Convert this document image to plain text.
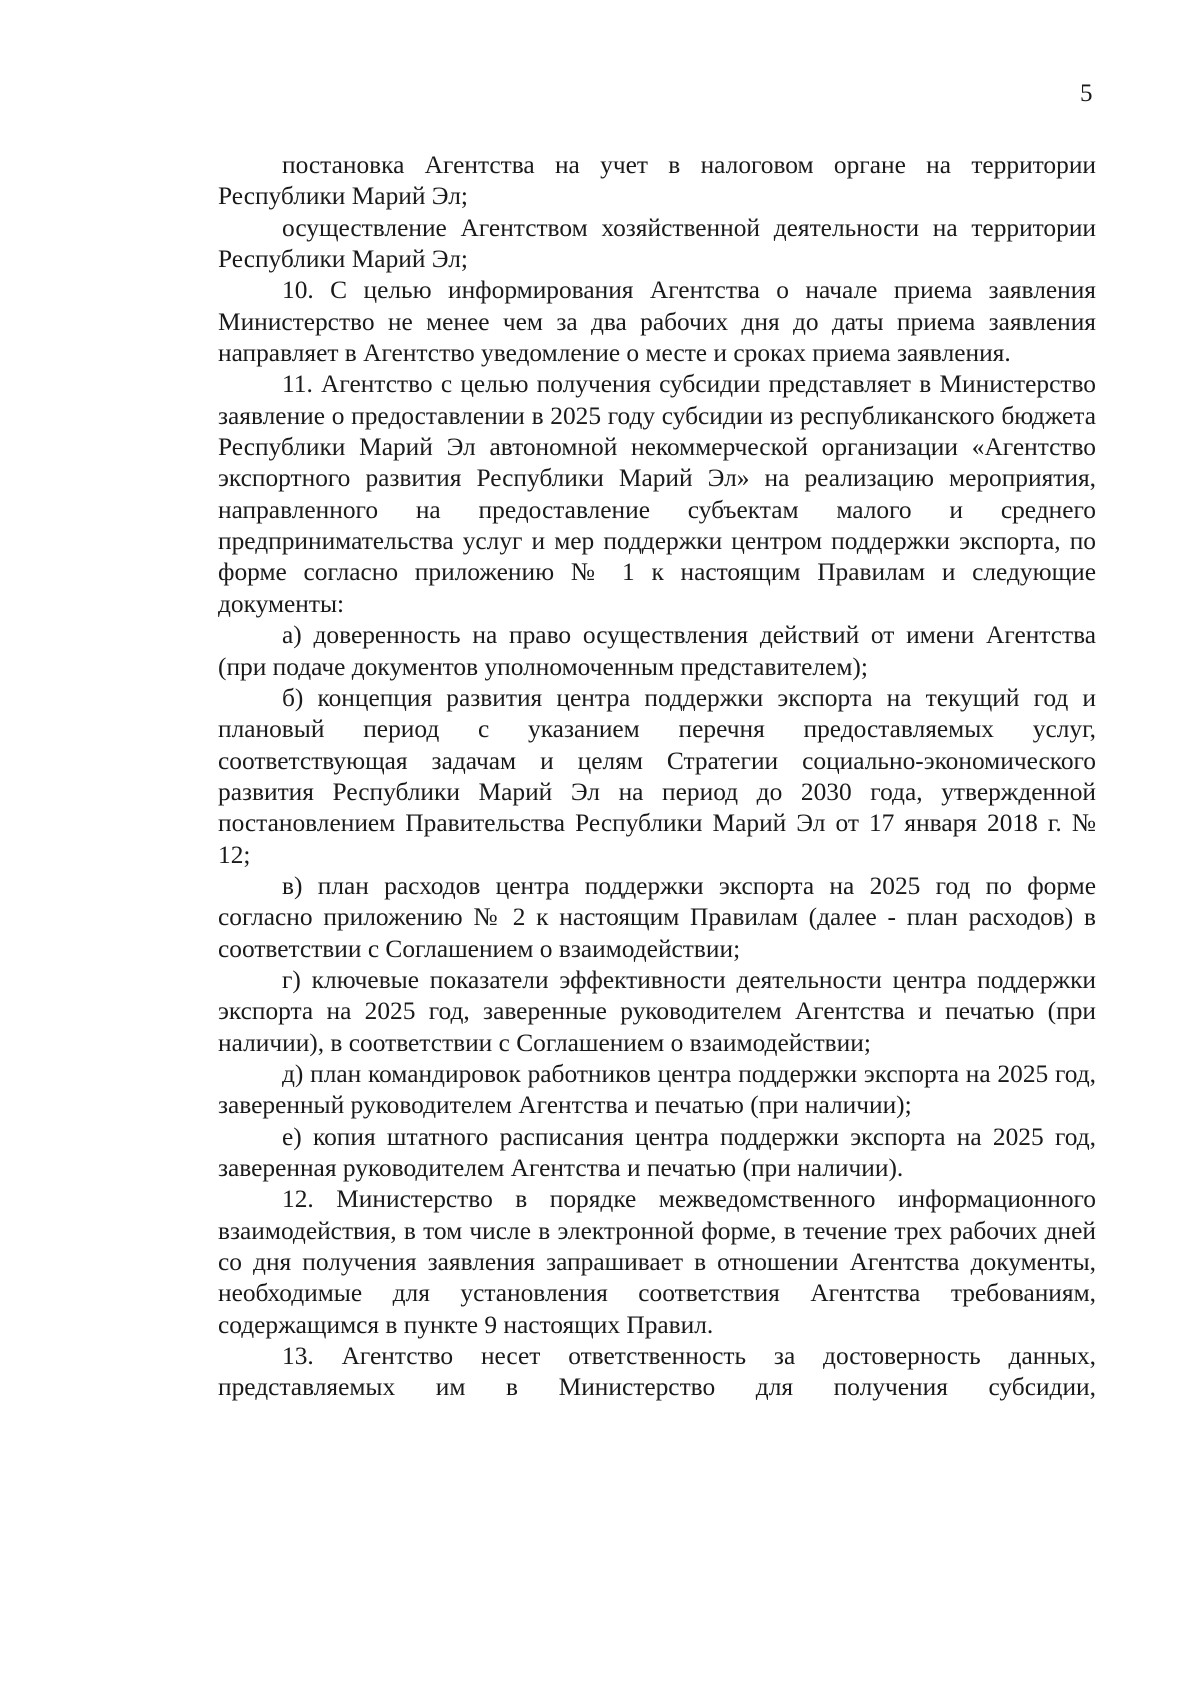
5

постановка Агентства на учет в налоговом органе на территории Республики Марий Эл;

осуществление Агентством хозяйственной деятельности на территории Республики Марий Эл;

10. С целью информирования Агентства о начале приема заявления Министерство не менее чем за два рабочих дня до даты приема заявления направляет в Агентство уведомление о месте и сроках приема заявления.

11. Агентство с целью получения субсидии представляет в Министерство заявление о предоставлении в 2025 году субсидии из республиканского бюджета Республики Марий Эл автономной некоммерческой организации «Агентство экспортного развития Республики Марий Эл» на реализацию мероприятия, направленного на предоставление субъектам малого и среднего предпринимательства услуг и мер поддержки центром поддержки экспорта, по форме согласно приложению № 1 к настоящим Правилам и следующие документы:

а) доверенность на право осуществления действий от имени Агентства (при подаче документов уполномоченным представителем);

б) концепция развития центра поддержки экспорта на текущий год и плановый период с указанием перечня предоставляемых услуг, соответствующая задачам и целям Стратегии социально-экономического развития Республики Марий Эл на период до 2030 года, утвержденной постановлением Правительства Республики Марий Эл от 17 января 2018 г. № 12;

в) план расходов центра поддержки экспорта на 2025 год по форме согласно приложению № 2 к настоящим Правилам (далее - план расходов) в соответствии с Соглашением о взаимодействии;

г) ключевые показатели эффективности деятельности центра поддержки экспорта на 2025 год, заверенные руководителем Агентства и печатью (при наличии), в соответствии с Соглашением о взаимодействии;

д) план командировок работников центра поддержки экспорта на 2025 год, заверенный руководителем Агентства и печатью (при наличии);

е) копия штатного расписания центра поддержки экспорта на 2025 год, заверенная руководителем Агентства и печатью (при наличии).

12. Министерство в порядке межведомственного информационного взаимодействия, в том числе в электронной форме, в течение трех рабочих дней со дня получения заявления запрашивает в отношении Агентства документы, необходимые для установления соответствия Агентства требованиям, содержащимся в пункте 9 настоящих Правил.

13. Агентство несет ответственность за достоверность данных, представляемых им в Министерство для получения субсидии,
